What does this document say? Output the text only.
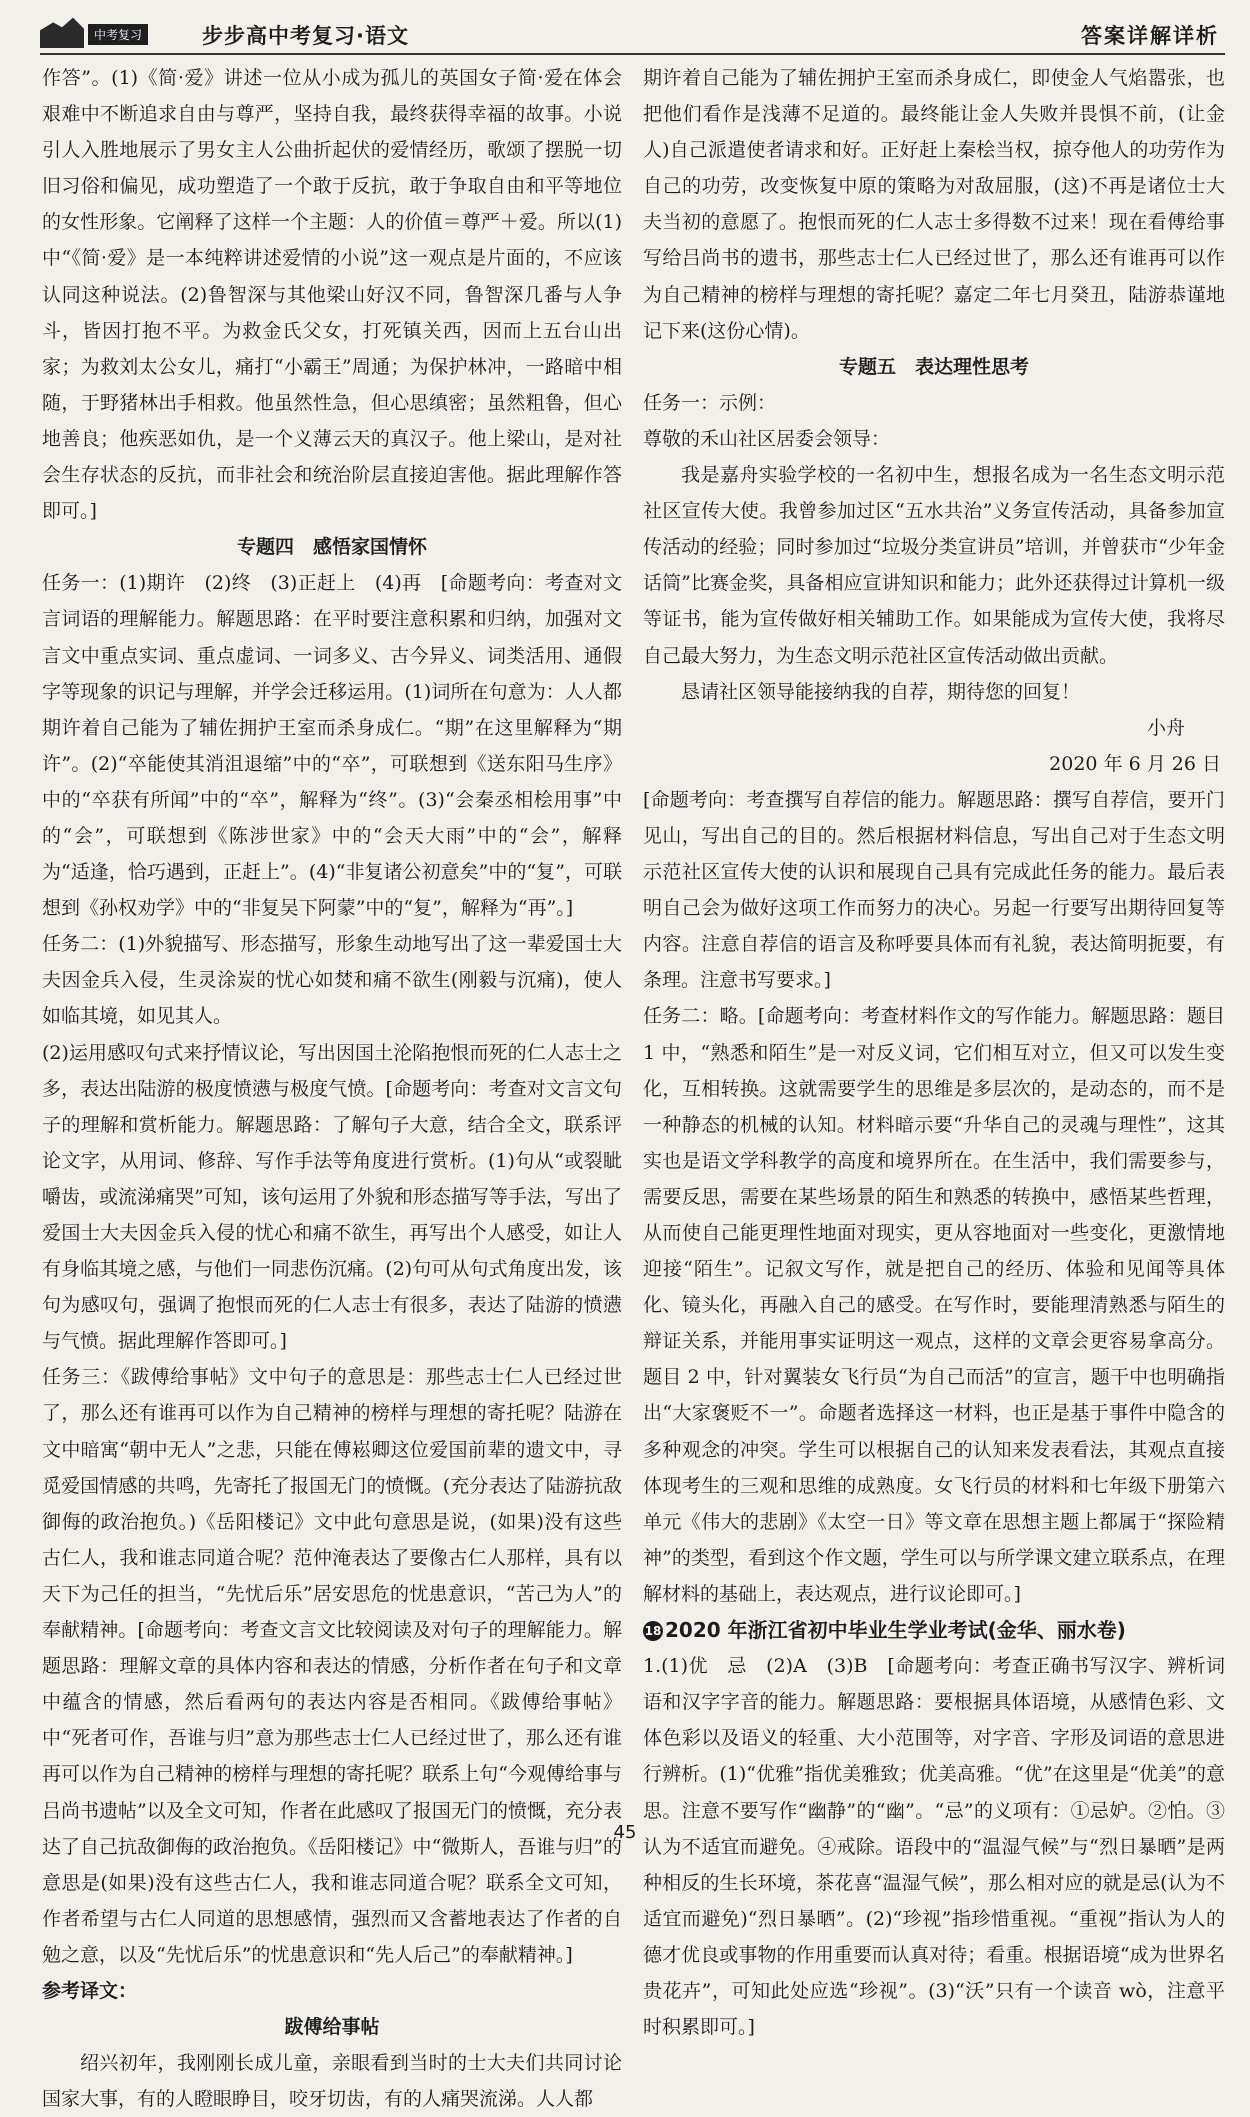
中考复习	步步高中考复习·语文	答案详解详析

作答”。(1)《简·爱》讲述一位从小成为孤儿的英国女子简·爱在体会艰难中不断追求自由与尊严，坚持自我，最终获得幸福的故事。小说引人入胜地展示了男女主人公曲折起伏的爱情经历，歌颂了摆脱一切旧习俗和偏见，成功塑造了一个敢于反抗，敢于争取自由和平等地位的女性形象。它阐释了这样一个主题：人的价值＝尊严＋爱。所以(1)中“《简·爱》是一本纯粹讲述爱情的小说”这一观点是片面的，不应该认同这种说法。(2)鲁智深与其他梁山好汉不同，鲁智深几番与人争斗，皆因打抱不平。为救金氏父女，打死镇关西，因而上五台山出家；为救刘太公女儿，痛打“小霸王”周通；为保护林冲，一路暗中相随，于野猪林出手相救。他虽然性急，但心思缜密；虽然粗鲁，但心地善良；他疾恶如仇，是一个义薄云天的真汉子。他上梁山，是对社会生存状态的反抗，而非社会和统治阶层直接迫害他。据此理解作答即可。]

专题四　感悟家国情怀

任务一：(1)期许　(2)终　(3)正赶上　(4)再　[命题考向：考查对文言词语的理解能力。解题思路：在平时要注意积累和归纳，加强对文言文中重点实词、重点虚词、一词多义、古今异义、词类活用、通假字等现象的识记与理解，并学会迁移运用。(1)词所在句意为：人人都期许着自己能为了辅佐拥护王室而杀身成仁。“期”在这里解释为“期许”。(2)“卒能使其消沮退缩”中的“卒”，可联想到《送东阳马生序》中的“卒获有所闻”中的“卒”，解释为“终”。(3)“会秦丞相桧用事”中的“会”，可联想到《陈涉世家》中的“会天大雨”中的“会”，解释为“适逢，恰巧遇到，正赶上”。(4)“非复诸公初意矣”中的“复”，可联想到《孙权劝学》中的“非复吴下阿蒙”中的“复”，解释为“再”。]

任务二：(1)外貌描写、形态描写，形象生动地写出了这一辈爱国士大夫因金兵入侵，生灵涂炭的忧心如焚和痛不欲生(刚毅与沉痛)，使人如临其境，如见其人。

(2)运用感叹句式来抒情议论，写出因国土沦陷抱恨而死的仁人志士之多，表达出陆游的极度愤懑与极度气愤。[命题考向：考查对文言文句子的理解和赏析能力。解题思路：了解句子大意，结合全文，联系评论文字，从用词、修辞、写作手法等角度进行赏析。(1)句从“或裂眦嚼齿，或流涕痛哭”可知，该句运用了外貌和形态描写等手法，写出了爱国士大夫因金兵入侵的忧心和痛不欲生，再写出个人感受，如让人有身临其境之感，与他们一同悲伤沉痛。(2)句可从句式角度出发，该句为感叹句，强调了抱恨而死的仁人志士有很多，表达了陆游的愤懑与气愤。据此理解作答即可。]

任务三：《跋傅给事帖》文中句子的意思是：那些志士仁人已经过世了，那么还有谁再可以作为自己精神的榜样与理想的寄托呢？陆游在文中暗寓“朝中无人”之悲，只能在傅崧卿这位爱国前辈的遗文中，寻觅爱国情感的共鸣，先寄托了报国无门的愤慨。(充分表达了陆游抗敌御侮的政治抱负。)《岳阳楼记》文中此句意思是说，(如果)没有这些古仁人，我和谁志同道合呢？范仲淹表达了要像古仁人那样，具有以天下为己任的担当，“先忧后乐”居安思危的忧患意识，“苦己为人”的奉献精神。[命题考向：考查文言文比较阅读及对句子的理解能力。解题思路：理解文章的具体内容和表达的情感，分析作者在句子和文章中蕴含的情感，然后看两句的表达内容是否相同。《跋傅给事帖》中“死者可作，吾谁与归”意为那些志士仁人已经过世了，那么还有谁再可以作为自己精神的榜样与理想的寄托呢？联系上句“今观傅给事与吕尚书遗帖”以及全文可知，作者在此感叹了报国无门的愤慨，充分表达了自己抗敌御侮的政治抱负。《岳阳楼记》中“微斯人，吾谁与归”的意思是(如果)没有这些古仁人，我和谁志同道合呢？联系全文可知，作者希望与古仁人同道的思想感情，强烈而又含蓄地表达了作者的自勉之意，以及“先忧后乐”的忧患意识和“先人后己”的奉献精神。]

参考译文：

跋傅给事帖

绍兴初年，我刚刚长成儿童，亲眼看到当时的士大夫们共同讨论国家大事，有的人瞪眼睁目，咬牙切齿，有的人痛哭流涕。人人都

期许着自己能为了辅佐拥护王室而杀身成仁，即使金人气焰嚣张，也把他们看作是浅薄不足道的。最终能让金人失败并畏惧不前，(让金人)自己派遣使者请求和好。正好赶上秦桧当权，掠夺他人的功劳作为自己的功劳，改变恢复中原的策略为对敌屈服，(这)不再是诸位士大夫当初的意愿了。抱恨而死的仁人志士多得数不过来！现在看傅给事写给吕尚书的遗书，那些志士仁人已经过世了，那么还有谁再可以作为自己精神的榜样与理想的寄托呢？嘉定二年七月癸丑，陆游恭谨地记下来(这份心情)。

专题五　表达理性思考

任务一：示例：

尊敬的禾山社区居委会领导：

我是嘉舟实验学校的一名初中生，想报名成为一名生态文明示范社区宣传大使。我曾参加过区“五水共治”义务宣传活动，具备参加宣传活动的经验；同时参加过“垃圾分类宣讲员”培训，并曾获市“少年金话筒”比赛金奖，具备相应宣讲知识和能力；此外还获得过计算机一级等证书，能为宣传做好相关辅助工作。如果能成为宣传大使，我将尽自己最大努力，为生态文明示范社区宣传活动做出贡献。

恳请社区领导能接纳我的自荐，期待您的回复！

小舟

2020 年 6 月 26 日

[命题考向：考查撰写自荐信的能力。解题思路：撰写自荐信，要开门见山，写出自己的目的。然后根据材料信息，写出自己对于生态文明示范社区宣传大使的认识和展现自己具有完成此任务的能力。最后表明自己会为做好这项工作而努力的决心。另起一行要写出期待回复等内容。注意自荐信的语言及称呼要具体而有礼貌，表达简明扼要，有条理。注意书写要求。]

任务二：略。[命题考向：考查材料作文的写作能力。解题思路：题目 1 中，“熟悉和陌生”是一对反义词，它们相互对立，但又可以发生变化，互相转换。这就需要学生的思维是多层次的，是动态的，而不是一种静态的机械的认知。材料暗示要“升华自己的灵魂与理性”，这其实也是语文学科教学的高度和境界所在。在生活中，我们需要参与，需要反思，需要在某些场景的陌生和熟悉的转换中，感悟某些哲理，从而使自己能更理性地面对现实，更从容地面对一些变化，更激情地迎接“陌生”。记叙文写作，就是把自己的经历、体验和见闻等具体化、镜头化，再融入自己的感受。在写作时，要能理清熟悉与陌生的辩证关系，并能用事实证明这一观点，这样的文章会更容易拿高分。题目 2 中，针对翼装女飞行员“为自己而活”的宣言，题干中也明确指出“大家褒贬不一”。命题者选择这一材料，也正是基于事件中隐含的多种观念的冲突。学生可以根据自己的认知来发表看法，其观点直接体现考生的三观和思维的成熟度。女飞行员的材料和七年级下册第六单元《伟大的悲剧》《太空一日》等文章在思想主题上都属于“探险精神”的类型，看到这个作文题，学生可以与所学课文建立联系点，在理解材料的基础上，表达观点，进行议论即可。]

18 2020 年浙江省初中毕业生学业考试(金华、丽水卷)

1.(1)优　忌　(2)A　(3)B　[命题考向：考查正确书写汉字、辨析词语和汉字字音的能力。解题思路：要根据具体语境，从感情色彩、文体色彩以及语义的轻重、大小范围等，对字音、字形及词语的意思进行辨析。(1)“优雅”指优美雅致；优美高雅。“优”在这里是“优美”的意思。注意不要写作“幽静”的“幽”。“忌”的义项有：①忌妒。②怕。③认为不适宜而避免。④戒除。语段中的“温湿气候”与“烈日暴晒”是两种相反的生长环境，茶花喜“温湿气候”，那么相对应的就是忌(认为不适宜而避免)“烈日暴晒”。(2)“珍视”指珍惜重视。“重视”指认为人的德才优良或事物的作用重要而认真对待；看重。根据语境“成为世界名贵花卉”，可知此处应选“珍视”。(3)“沃”只有一个读音 wò，注意平时积累即可。]

45
